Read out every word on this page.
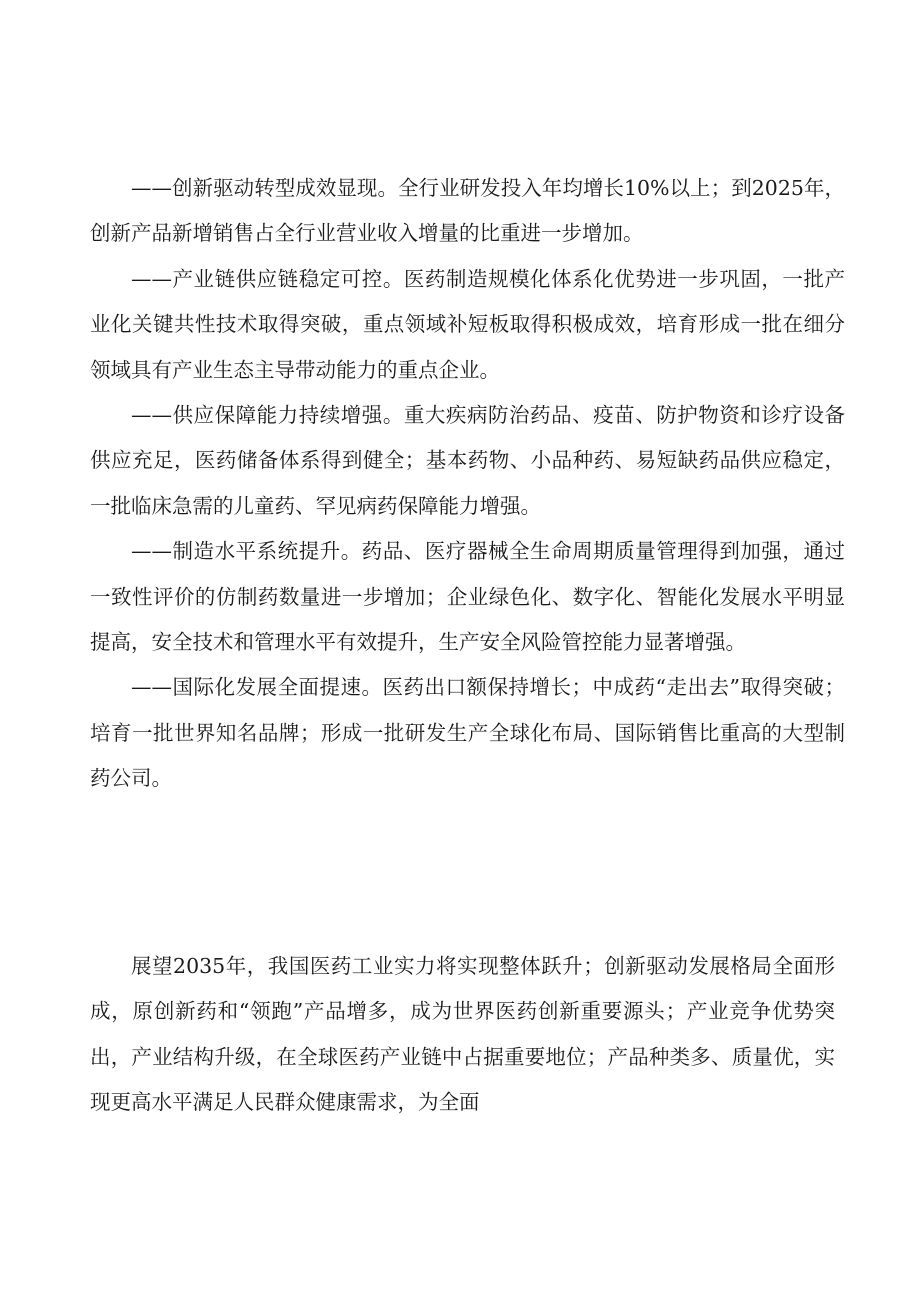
——创新驱动转型成效显现。全行业研发投入年均增长10%以上；到2025年，创新产品新增销售占全行业营业收入增量的比重进一步增加。

——产业链供应链稳定可控。医药制造规模化体系化优势进一步巩固，一批产业化关键共性技术取得突破，重点领域补短板取得积极成效，培育形成一批在细分领域具有产业生态主导带动能力的重点企业。

——供应保障能力持续增强。重大疾病防治药品、疫苗、防护物资和诊疗设备供应充足，医药储备体系得到健全；基本药物、小品种药、易短缺药品供应稳定，一批临床急需的儿童药、罕见病药保障能力增强。

——制造水平系统提升。药品、医疗器械全生命周期质量管理得到加强，通过一致性评价的仿制药数量进一步增加；企业绿色化、数字化、智能化发展水平明显提高，安全技术和管理水平有效提升，生产安全风险管控能力显著增强。

——国际化发展全面提速。医药出口额保持增长；中成药“走出去”取得突破；培育一批世界知名品牌；形成一批研发生产全球化布局、国际销售比重高的大型制药公司。

展望2035年，我国医药工业实力将实现整体跃升；创新驱动发展格局全面形成，原创新药和“领跑”产品增多，成为世界医药创新重要源头；产业竞争优势突出，产业结构升级，在全球医药产业链中占据重要地位；产品种类多、质量优，实现更高水平满足人民群众健康需求，为全面
